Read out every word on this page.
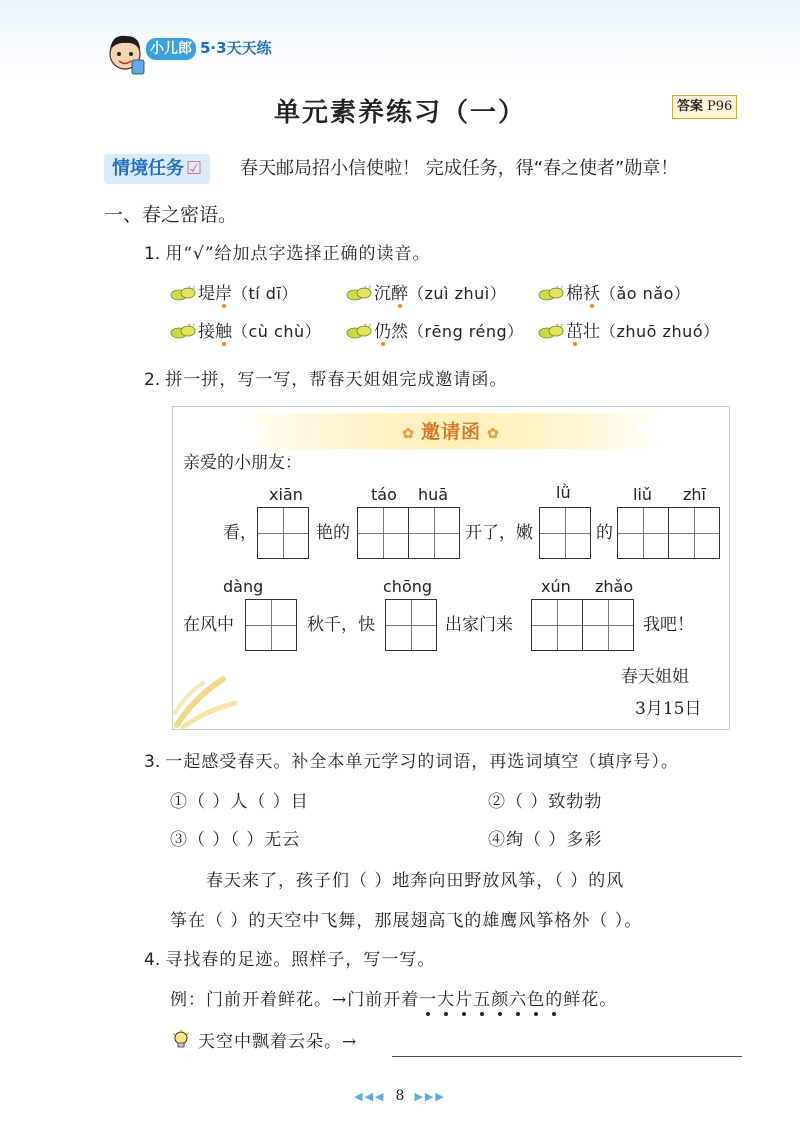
小儿郎 5·3天天练
单元素养练习（一）	答案 P96
情境任务 ☑	春天邮局招小信使啦！ 完成任务，得“春之使者”勋章！
一、春之密语。
1. 用“√”给加点字选择正确的读音。
z z 堤岸（tí dī）	z z 沉醉（zuì zhuì）	z z 棉袄（ǎo nǎo）
z z 接触（cù chù）	z z 仍然（rēng réng）	z z 茁壮（zhuō zhuó）
2. 拼一拼，写一写，帮春天姐姐完成邀请函。
✿ 邀请函 ✿
亲爱的小朋友：
xiān
看，	艳的
táo huā
开了，嫩
lǜ
的
liǔ zhī
在风中
dàng
秋千，快
chōng
出家门来
xún zhǎo
我吧！
春天姐姐
3月15日
3. 一起感受春天。补全本单元学习的词语，再选词填空（填序号）。
①（ ）人（ ）目	②（ ）致勃勃
③（ ）（ ）无云	④绚（ ）多彩
春天来了，孩子们（ ）地奔向田野放风筝，（ ）的风
筝在（ ）的天空中飞舞，那展翅高飞的雄鹰风筝格外（ ）。
4. 寻找春的足迹。照样子，写一写。
例：门前开着鲜花。→门前开着一大片五颜六色的鲜花。
天空中飘着云朵。→
◀◀◀ 8 ▶▶▶
